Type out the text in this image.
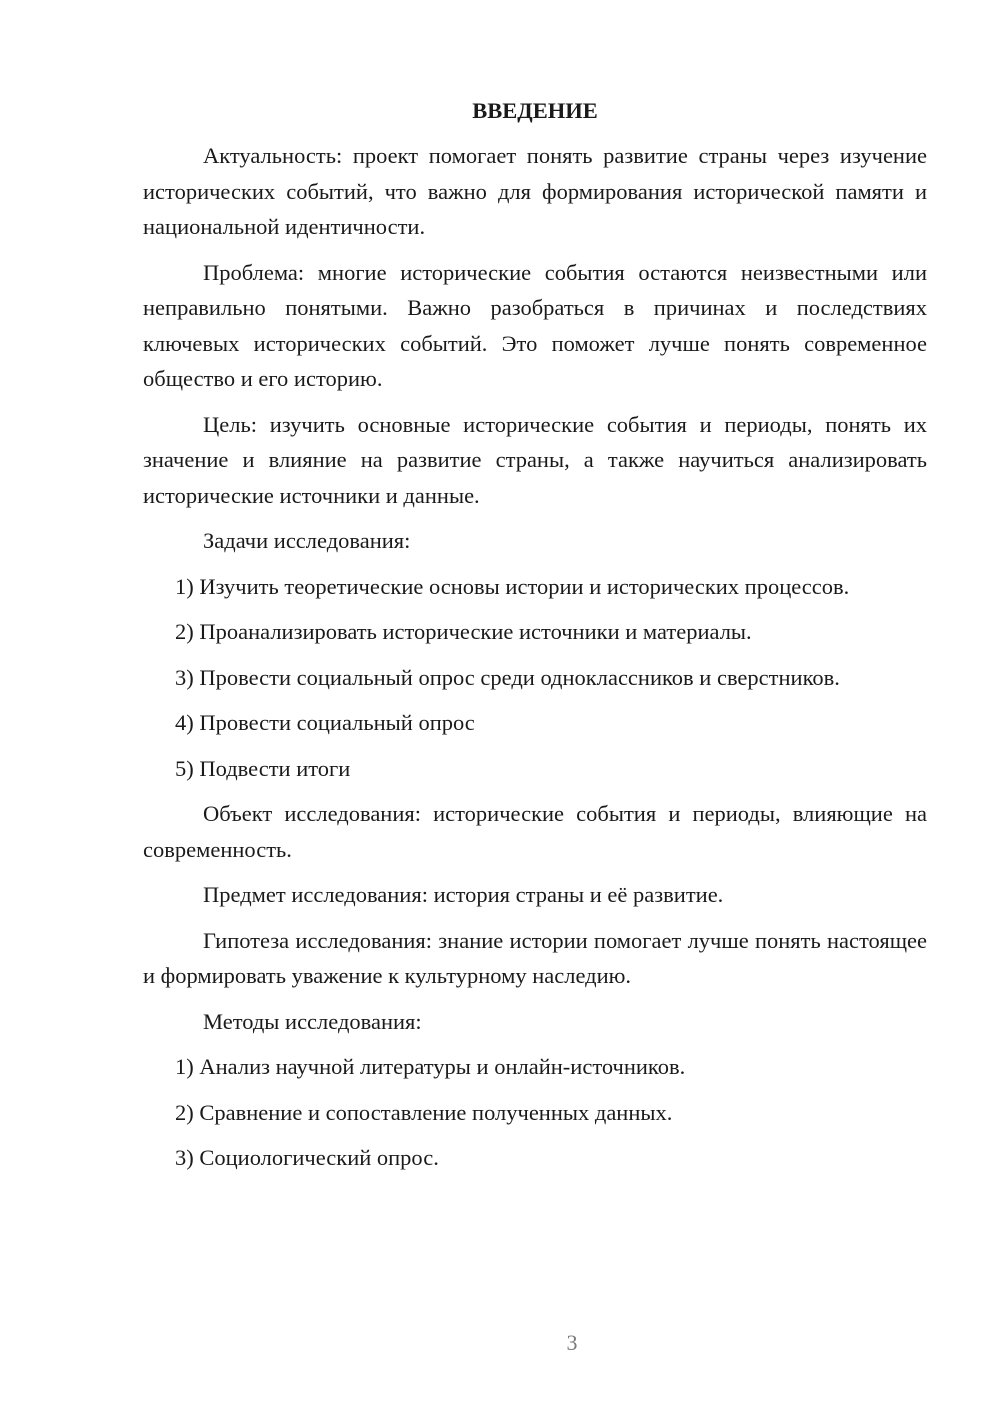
ВВЕДЕНИЕ
Актуальность: проект помогает понять развитие страны через изучение исторических событий, что важно для формирования исторической памяти и национальной идентичности.
Проблема: многие исторические события остаются неизвестными или неправильно понятыми. Важно разобраться в причинах и последствиях ключевых исторических событий. Это поможет лучше понять современное общество и его историю.
Цель: изучить основные исторические события и периоды, понять их значение и влияние на развитие страны, а также научиться анализировать исторические источники и данные.
Задачи исследования:
1) Изучить теоретические основы истории и исторических процессов.
2) Проанализировать исторические источники и материалы.
3) Провести социальный опрос среди одноклассников и сверстников.
4) Провести социальный опрос
5) Подвести итоги
Объект исследования: исторические события и периоды, влияющие на современность.
Предмет исследования: история страны и её развитие.
Гипотеза исследования: знание истории помогает лучше понять настоящее и формировать уважение к культурному наследию.
Методы исследования:
1) Анализ научной литературы и онлайн-источников.
2) Сравнение и сопоставление полученных данных.
3) Социологический опрос.
3
